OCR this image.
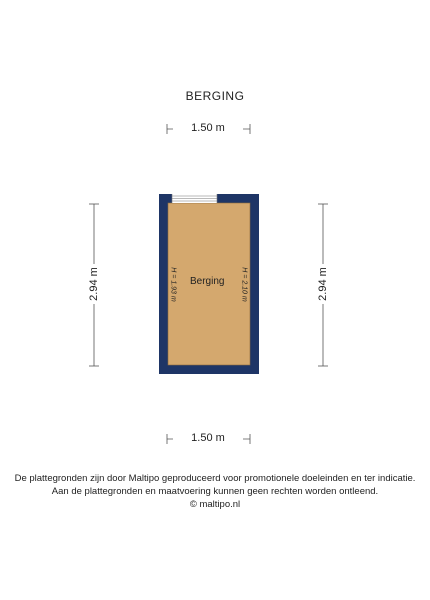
BERGING
1.50 m
1.50 m
2.94 m	2.94 m
Berging
H = 1.93 m	H = 2.10 m
De plattegronden zijn door Maltipo geproduceerd voor promotionele doeleinden en ter indicatie.
Aan de plattegronden en maatvoering kunnen geen rechten worden ontleend.
© maltipo.nl
